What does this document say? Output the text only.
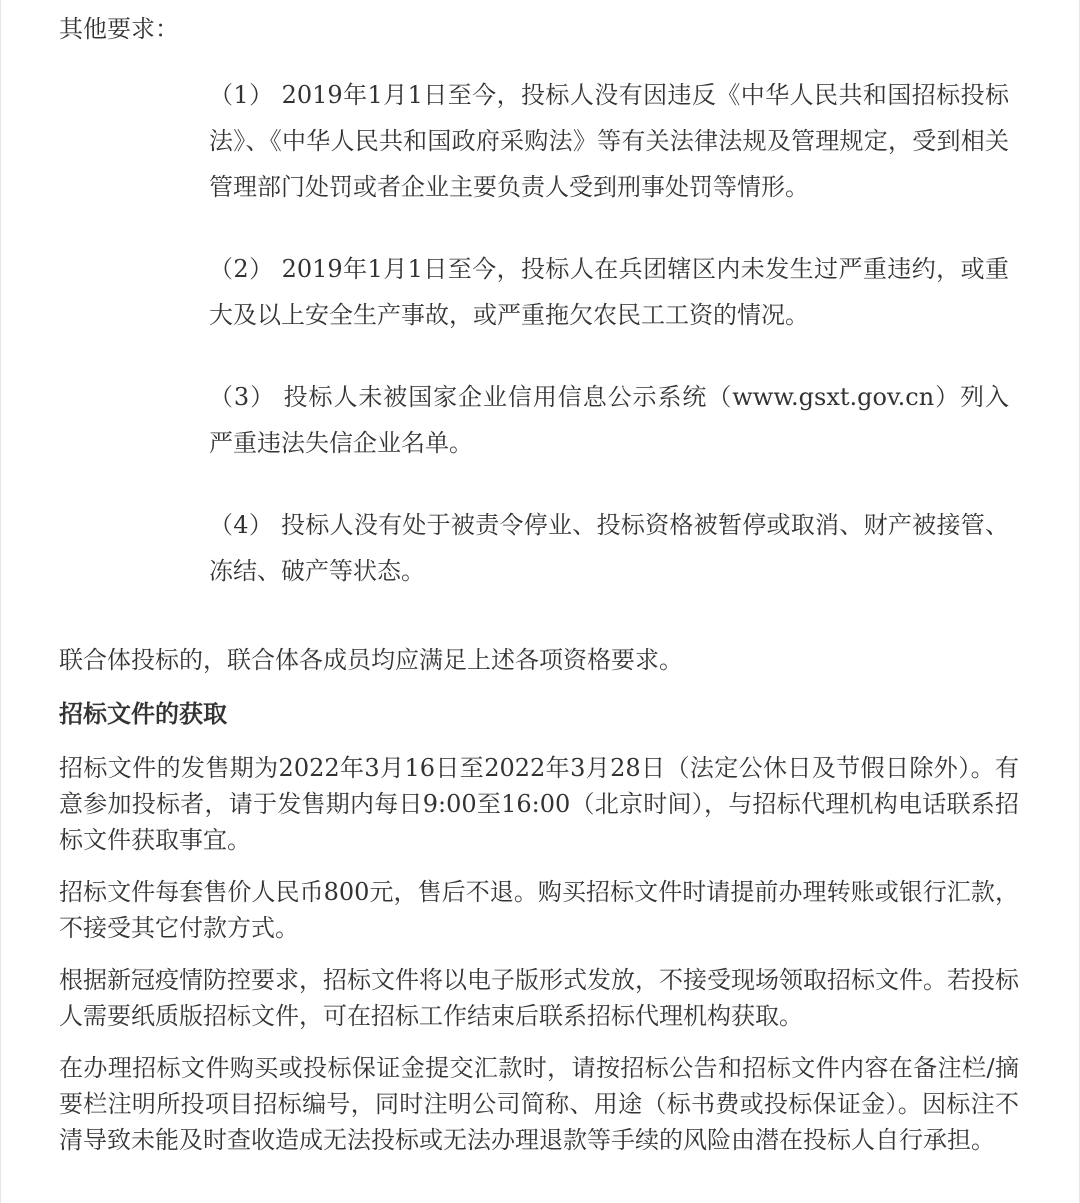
其他要求：
（1） 2019年1月1日至今，投标人没有因违反《中华人民共和国招标投标法》、《中华人民共和国政府采购法》等有关法律法规及管理规定，受到相关管理部门处罚或者企业主要负责人受到刑事处罚等情形。
（2） 2019年1月1日至今，投标人在兵团辖区内未发生过严重违约，或重大及以上安全生产事故，或严重拖欠农民工工资的情况。
（3） 投标人未被国家企业信用信息公示系统（www.gsxt.gov.cn）列入严重违法失信企业名单。
（4） 投标人没有处于被责令停业、投标资格被暂停或取消、财产被接管、冻结、破产等状态。

联合体投标的，联合体各成员均应满足上述各项资格要求。

招标文件的获取

招标文件的发售期为2022年3月16日至2022年3月28日（法定公休日及节假日除外）。有意参加投标者，请于发售期内每日9:00至16:00（北京时间），与招标代理机构电话联系招标文件获取事宜。

招标文件每套售价人民币800元，售后不退。购买招标文件时请提前办理转账或银行汇款，不接受其它付款方式。

根据新冠疫情防控要求，招标文件将以电子版形式发放，不接受现场领取招标文件。若投标人需要纸质版招标文件，可在招标工作结束后联系招标代理机构获取。

在办理招标文件购买或投标保证金提交汇款时，请按招标公告和招标文件内容在备注栏/摘要栏注明所投项目招标编号，同时注明公司简称、用途（标书费或投标保证金）。因标注不清导致未能及时查收造成无法投标或无法办理退款等手续的风险由潜在投标人自行承担。
